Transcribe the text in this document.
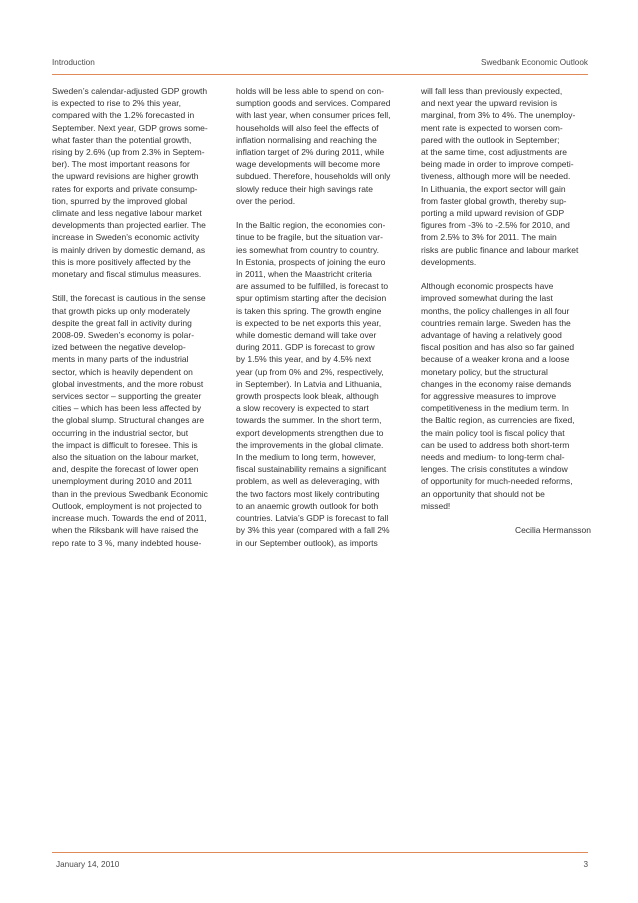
Introduction	Swedbank Economic Outlook

Sweden’s calendar-adjusted GDP growth
is expected to rise to 2% this year,
compared with the 1.2% forecasted in
September. Next year, GDP grows some-
what faster than the potential growth,
rising by 2.6% (up from 2.3% in Septem-
ber). The most important reasons for
the upward revisions are higher growth
rates for exports and private consump-
tion, spurred by the improved global
climate and less negative labour market
developments than projected earlier. The
increase in Sweden’s economic activity
is mainly driven by domestic demand, as
this is more positively affected by the
monetary and fiscal stimulus measures.

Still, the forecast is cautious in the sense
that growth picks up only moderately
despite the great fall in activity during
2008-09. Sweden’s economy is polar-
ized between the negative develop-
ments in many parts of the industrial
sector, which is heavily dependent on
global investments, and the more robust
services sector – supporting the greater
cities – which has been less affected by
the global slump. Structural changes are
occurring in the industrial sector, but
the impact is difficult to foresee. This is
also the situation on the labour market,
and, despite the forecast of lower open
unemployment during 2010 and 2011
than in the previous Swedbank Economic
Outlook, employment is not projected to
increase much. Towards the end of 2011,
when the Riksbank will have raised the
repo rate to 3 %, many indebted house-

holds will be less able to spend on con-
sumption goods and services. Compared
with last year, when consumer prices fell,
households will also feel the effects of
inflation normalising and reaching the
inflation target of 2% during 2011, while
wage developments will become more
subdued. Therefore, households will only
slowly reduce their high savings rate
over the period.

In the Baltic region, the economies con-
tinue to be fragile, but the situation var-
ies somewhat from country to country.
In Estonia, prospects of joining the euro
in 2011, when the Maastricht criteria
are assumed to be fulfilled, is forecast to
spur optimism starting after the decision
is taken this spring. The growth engine
is expected to be net exports this year,
while domestic demand will take over
during 2011. GDP is forecast to grow
by 1.5% this year, and by 4.5% next
year (up from 0% and 2%, respectively,
in September). In Latvia and Lithuania,
growth prospects look bleak, although
a slow recovery is expected to start
towards the summer. In the short term,
export developments strengthen due to
the improvements in the global climate.
In the medium to long term, however,
fiscal sustainability remains a significant
problem, as well as deleveraging, with
the two factors most likely contributing
to an anaemic growth outlook for both
countries. Latvia’s GDP is forecast to fall
by 3% this year (compared with a fall 2%
in our September outlook), as imports

will fall less than previously expected,
and next year the upward revision is
marginal, from 3% to 4%. The unemploy-
ment rate is expected to worsen com-
pared with the outlook in September;
at the same time, cost adjustments are
being made in order to improve competi-
tiveness, although more will be needed.
In Lithuania, the export sector will gain
from faster global growth, thereby sup-
porting a mild upward revision of GDP
figures from -3% to -2.5% for 2010, and
from 2.5% to 3% for 2011. The main
risks are public finance and labour market
developments.

Although economic prospects have
improved somewhat during the last
months, the policy challenges in all four
countries remain large. Sweden has the
advantage of having a relatively good
fiscal position and has also so far gained
because of a weaker krona and a loose
monetary policy, but the structural
changes in the economy raise demands
for aggressive measures to improve
competitiveness in the medium term. In
the Baltic region, as currencies are fixed,
the main policy tool is fiscal policy that
can be used to address both short-term
needs and medium- to long-term chal-
lenges. The crisis constitutes a window
of opportunity for much-needed reforms,
an opportunity that should not be
missed!

Cecilia Hermansson

January 14, 2010	3
